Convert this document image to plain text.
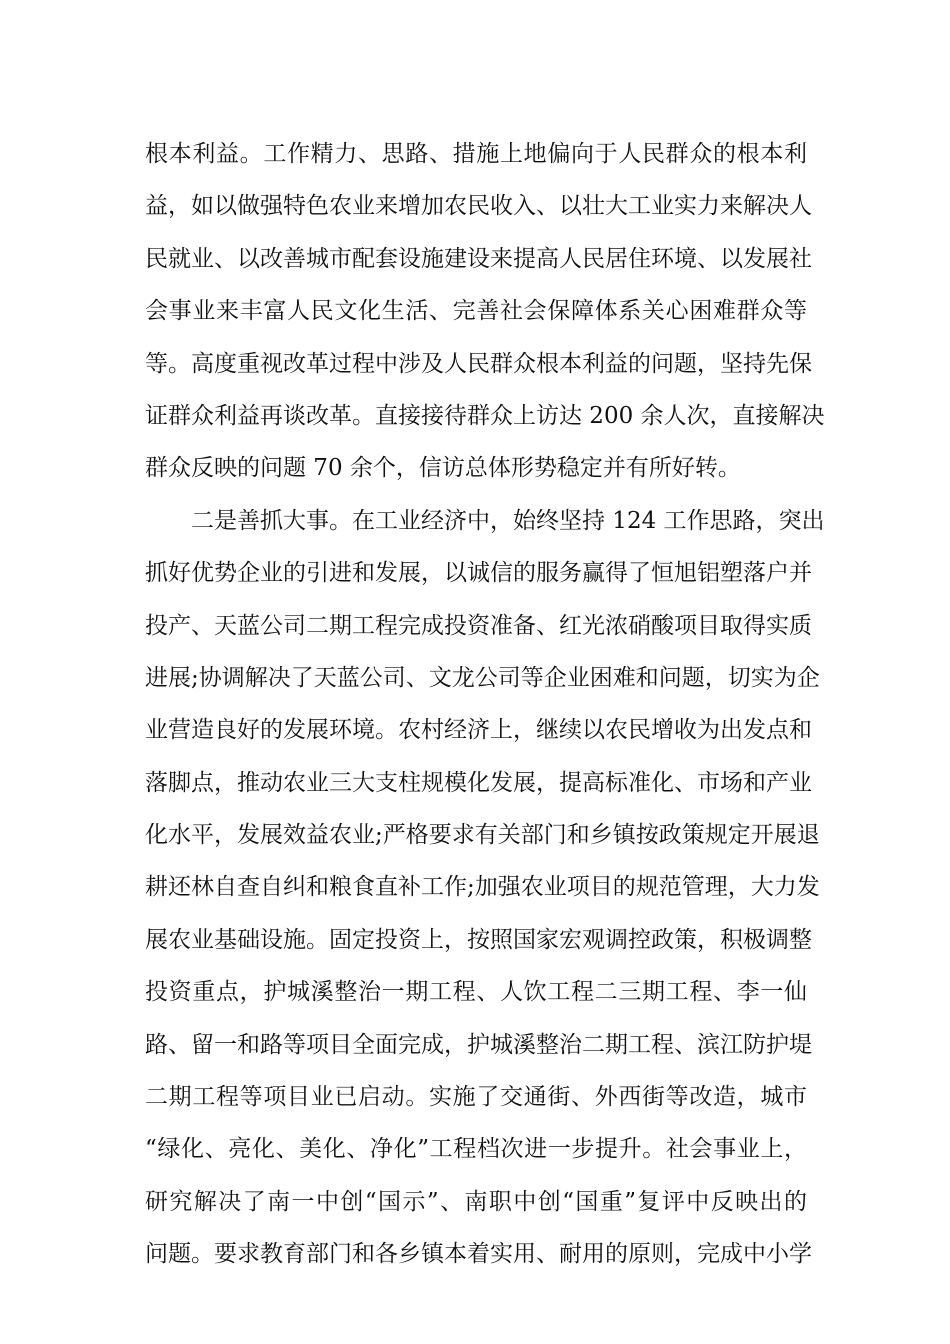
根本利益。工作精力、思路、措施上地偏向于人民群众的根本利
益，如以做强特色农业来增加农民收入、以壮大工业实力来解决人
民就业、以改善城市配套设施建设来提高人民居住环境、以发展社
会事业来丰富人民文化生活、完善社会保障体系关心困难群众等
等。高度重视改革过程中涉及人民群众根本利益的问题，坚持先保
证群众利益再谈改革。直接接待群众上访达 200 余人次，直接解决
群众反映的问题 70 余个，信访总体形势稳定并有所好转。
二是善抓大事。在工业经济中，始终坚持 124 工作思路，突出
抓好优势企业的引进和发展，以诚信的服务赢得了恒旭铝塑落户并
投产、天蓝公司二期工程完成投资准备、红光浓硝酸项目取得实质
进展;协调解决了天蓝公司、文龙公司等企业困难和问题，切实为企
业营造良好的发展环境。农村经济上，继续以农民增收为出发点和
落脚点，推动农业三大支柱规模化发展，提高标准化、市场和产业
化水平，发展效益农业;严格要求有关部门和乡镇按政策规定开展退
耕还林自查自纠和粮食直补工作;加强农业项目的规范管理，大力发
展农业基础设施。固定投资上，按照国家宏观调控政策，积极调整
投资重点，护城溪整治一期工程、人饮工程二三期工程、李一仙
路、留一和路等项目全面完成，护城溪整治二期工程、滨江防护堤
二期工程等项目业已启动。实施了交通街、外西街等改造，城市
“绿化、亮化、美化、净化”工程档次进一步提升。社会事业上，
研究解决了南一中创“国示”、南职中创“国重”复评中反映出的
问题。要求教育部门和各乡镇本着实用、耐用的原则，完成中小学
